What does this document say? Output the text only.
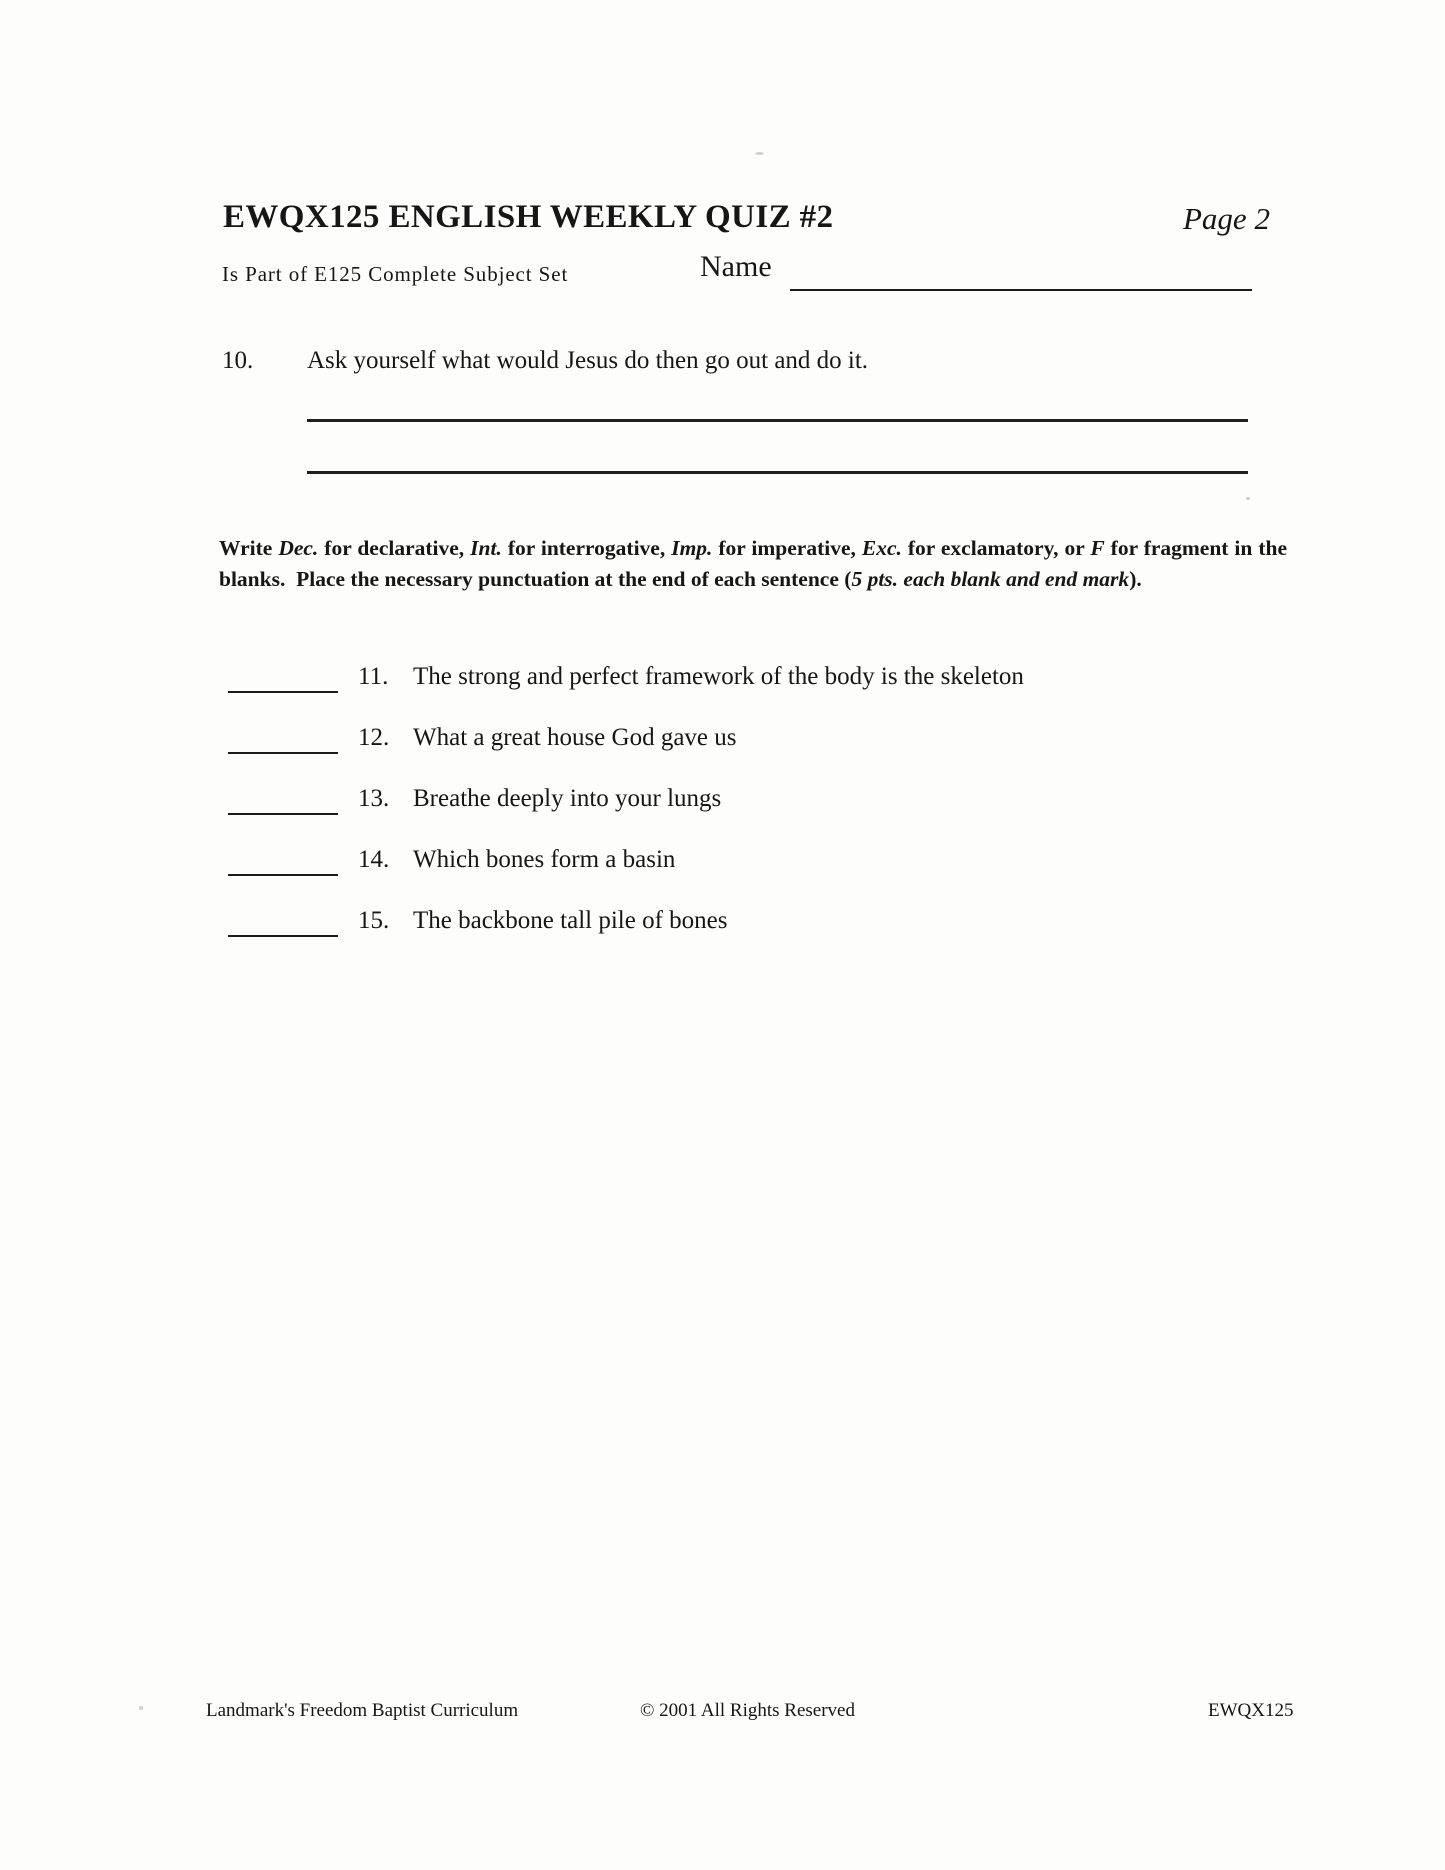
EWQX125 ENGLISH WEEKLY QUIZ #2	Page 2
Is Part of E125 Complete Subject Set	Name
10. Ask yourself what would Jesus do then go out and do it.
Write Dec. for declarative, Int. for interrogative, Imp. for imperative, Exc. for exclamatory, or F for fragment in the blanks.  Place the necessary punctuation at the end of each sentence (5 pts. each blank and end mark).
11. The strong and perfect framework of the body is the skeleton
12. What a great house God gave us
13. Breathe deeply into your lungs
14. Which bones form a basin
15. The backbone tall pile of bones
Landmark's Freedom Baptist Curriculum	© 2001 All Rights Reserved	EWQX125
